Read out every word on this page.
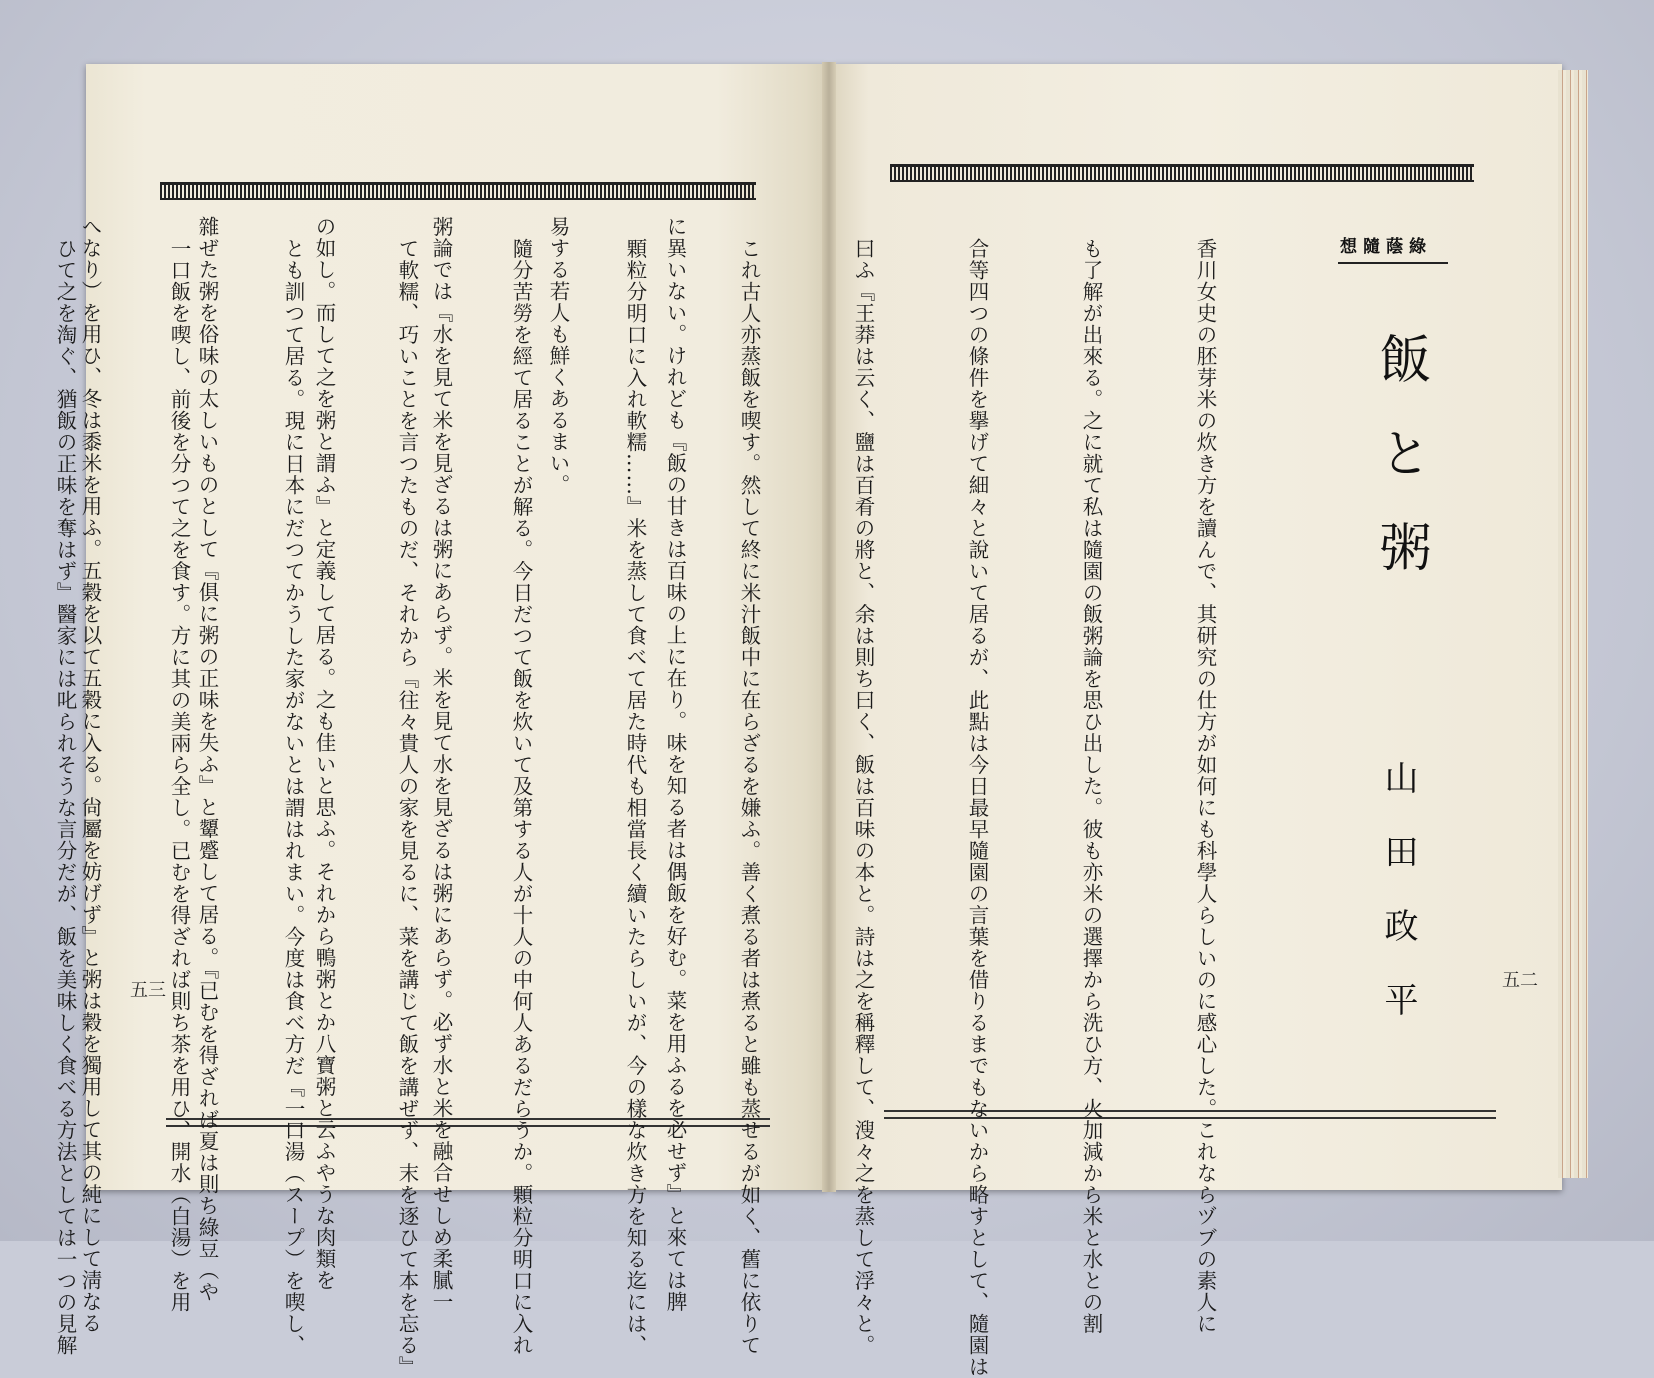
想隨蔭綠
飯と粥
山田政平

香川女史の胚芽米の炊き方を讀んで、其研究の仕方が如何にも科學人らしいのに感心した。これならヅブの素人に

も了解が出來る。之に就て私は隨園の飯粥論を思ひ出した。彼も亦米の選擇から洗ひ方、火加減から米と水との割

合等四つの條件を擧げて細々と說いて居るが、此點は今日最早隨園の言葉を借りるまでもないから略すとして、隨園は

曰ふ『王莽は云く、鹽は百肴の將と、余は則ち曰く、飯は百味の本と。詩は之を稱釋して、溲々之を蒸して浮々と。

これ古人亦蒸飯を喫す。然して終に米汁飯中に在らざるを嫌ふ。善く煮る者は煮ると雖も蒸せるが如く、舊に依りて

顆粒分明口に入れ軟糯……』米を蒸して食べて居た時代も相當長く續いたらしいが、今の樣な炊き方を知る迄には、

隨分苦勞を經て居ることが解る。今日だつて飯を炊いて及第する人が十人の中何人あるだらうか。顆粒分明口に入れ

て軟糯、巧いことを言つたものだ、それから『往々貴人の家を見るに、菜を講じて飯を講ぜず、末を逐ひて本を忘る』

とも訓つて居る。現に日本にだつてかうした家がないとは謂はれまい。今度は食べ方だ『一口湯（スープ）を喫し、

一口飯を喫し、前後を分つて之を食す。方に其の美兩ら全し。已むを得ざれば則ち茶を用ひ、開水（白湯）を用

ひて之を淘ぐ、猶飯の正味を奪はず』醫家には叱られそうな言分だが、飯を美味しく食べる方法としては一つの見解	五二

に異いない。けれども『飯の甘きは百味の上に在り。味を知る者は偶飯を好む。菜を用ふるを必せず』と來ては脾

易する若人も鮮くあるまい。

粥論では『水を見て米を見ざるは粥にあらず。米を見て水を見ざるは粥にあらず。必ず水と米を融合せしめ柔膩一

の如し。而して之を粥と謂ふ』と定義して居る。之も佳いと思ふ。それから鴨粥とか八寶粥と云ふやうな肉類を

雜ぜた粥を俗味の太しいものとして『俱に粥の正味を失ふ』と顰蹙して居る。『已むを得ざれば夏は則ち綠豆（や

へなり）を用ひ、冬は黍米を用ふ。五穀を以て五穀に入る。尙屬を妨げず』と粥は穀を獨用して其の純にして淸なる

	五三
